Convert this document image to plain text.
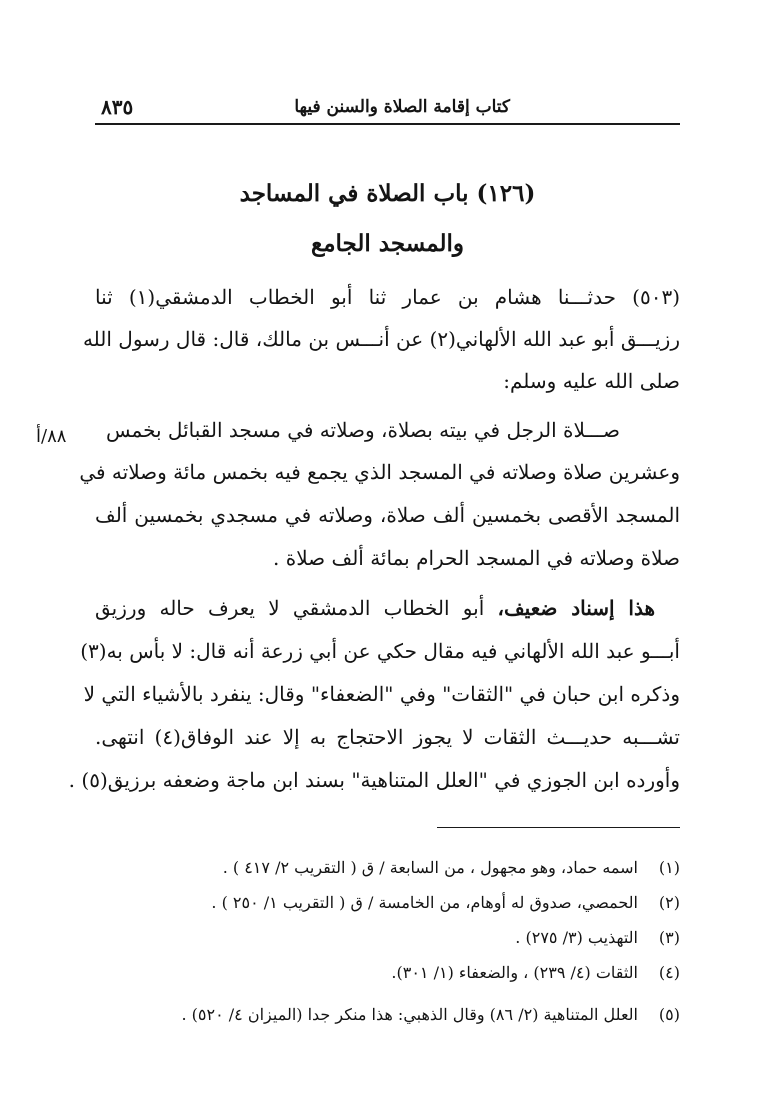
كتاب إقامة الصلاة والسنن فيها
٨٣٥
(١٢٦) باب الصلاة في المساجد
والمسجد الجامع
(٥٠٣) حدثـــنا هشام بن عمار ثنا أبو الخطاب الدمشقي(١) ثنا
رزيـــق أبو عبد الله الألهاني(٢) عن أنـــس بن مالك، قال: قال رسول الله
صلى الله عليه وسلم:
صـــلاة الرجل في بيته بصلاة، وصلاته في مسجد القبائل بخمس
وعشرين صلاة وصلاته في المسجد الذي يجمع فيه بخمس مائة وصلاته في
المسجد الأقصى بخمسين ألف صلاة، وصلاته في مسجدي بخمسين ألف
صلاة وصلاته في المسجد الحرام بمائة ألف صلاة .
هذا إسناد ضعيف، أبو الخطاب الدمشقي لا يعرف حاله ورزيق
أبـــو عبد الله الألهاني فيه مقال حكي عن أبي زرعة أنه قال: لا بأس به(٣)
وذكره ابن حبان في "الثقات" وفي "الضعفاء" وقال: ينفرد بالأشياء التي لا
تشـــبه حديـــث الثقات لا يجوز الاحتجاج به إلا عند الوفاق(٤) انتهى.
وأورده ابن الجوزي في "العلل المتناهية" بسند ابن ماجة وضعفه برزيق(٥) .
٨٨/أ
(١)اسمه حماد، وهو مجهول ، من السابعة / ق ( التقريب ٢/ ٤١٧ ) .
(٢)الحمصي، صدوق له أوهام، من الخامسة / ق ( التقريب ١/ ٢٥٠ ) .
(٣)التهذيب (٣/ ٢٧٥) .
(٤)الثقات (٤/ ٢٣٩) ، والضعفاء (١/ ٣٠١).
(٥)العلل المتناهية (٢/ ٨٦) وقال الذهبي: هذا منكر جدا (الميزان ٤/ ٥٢٠) .
